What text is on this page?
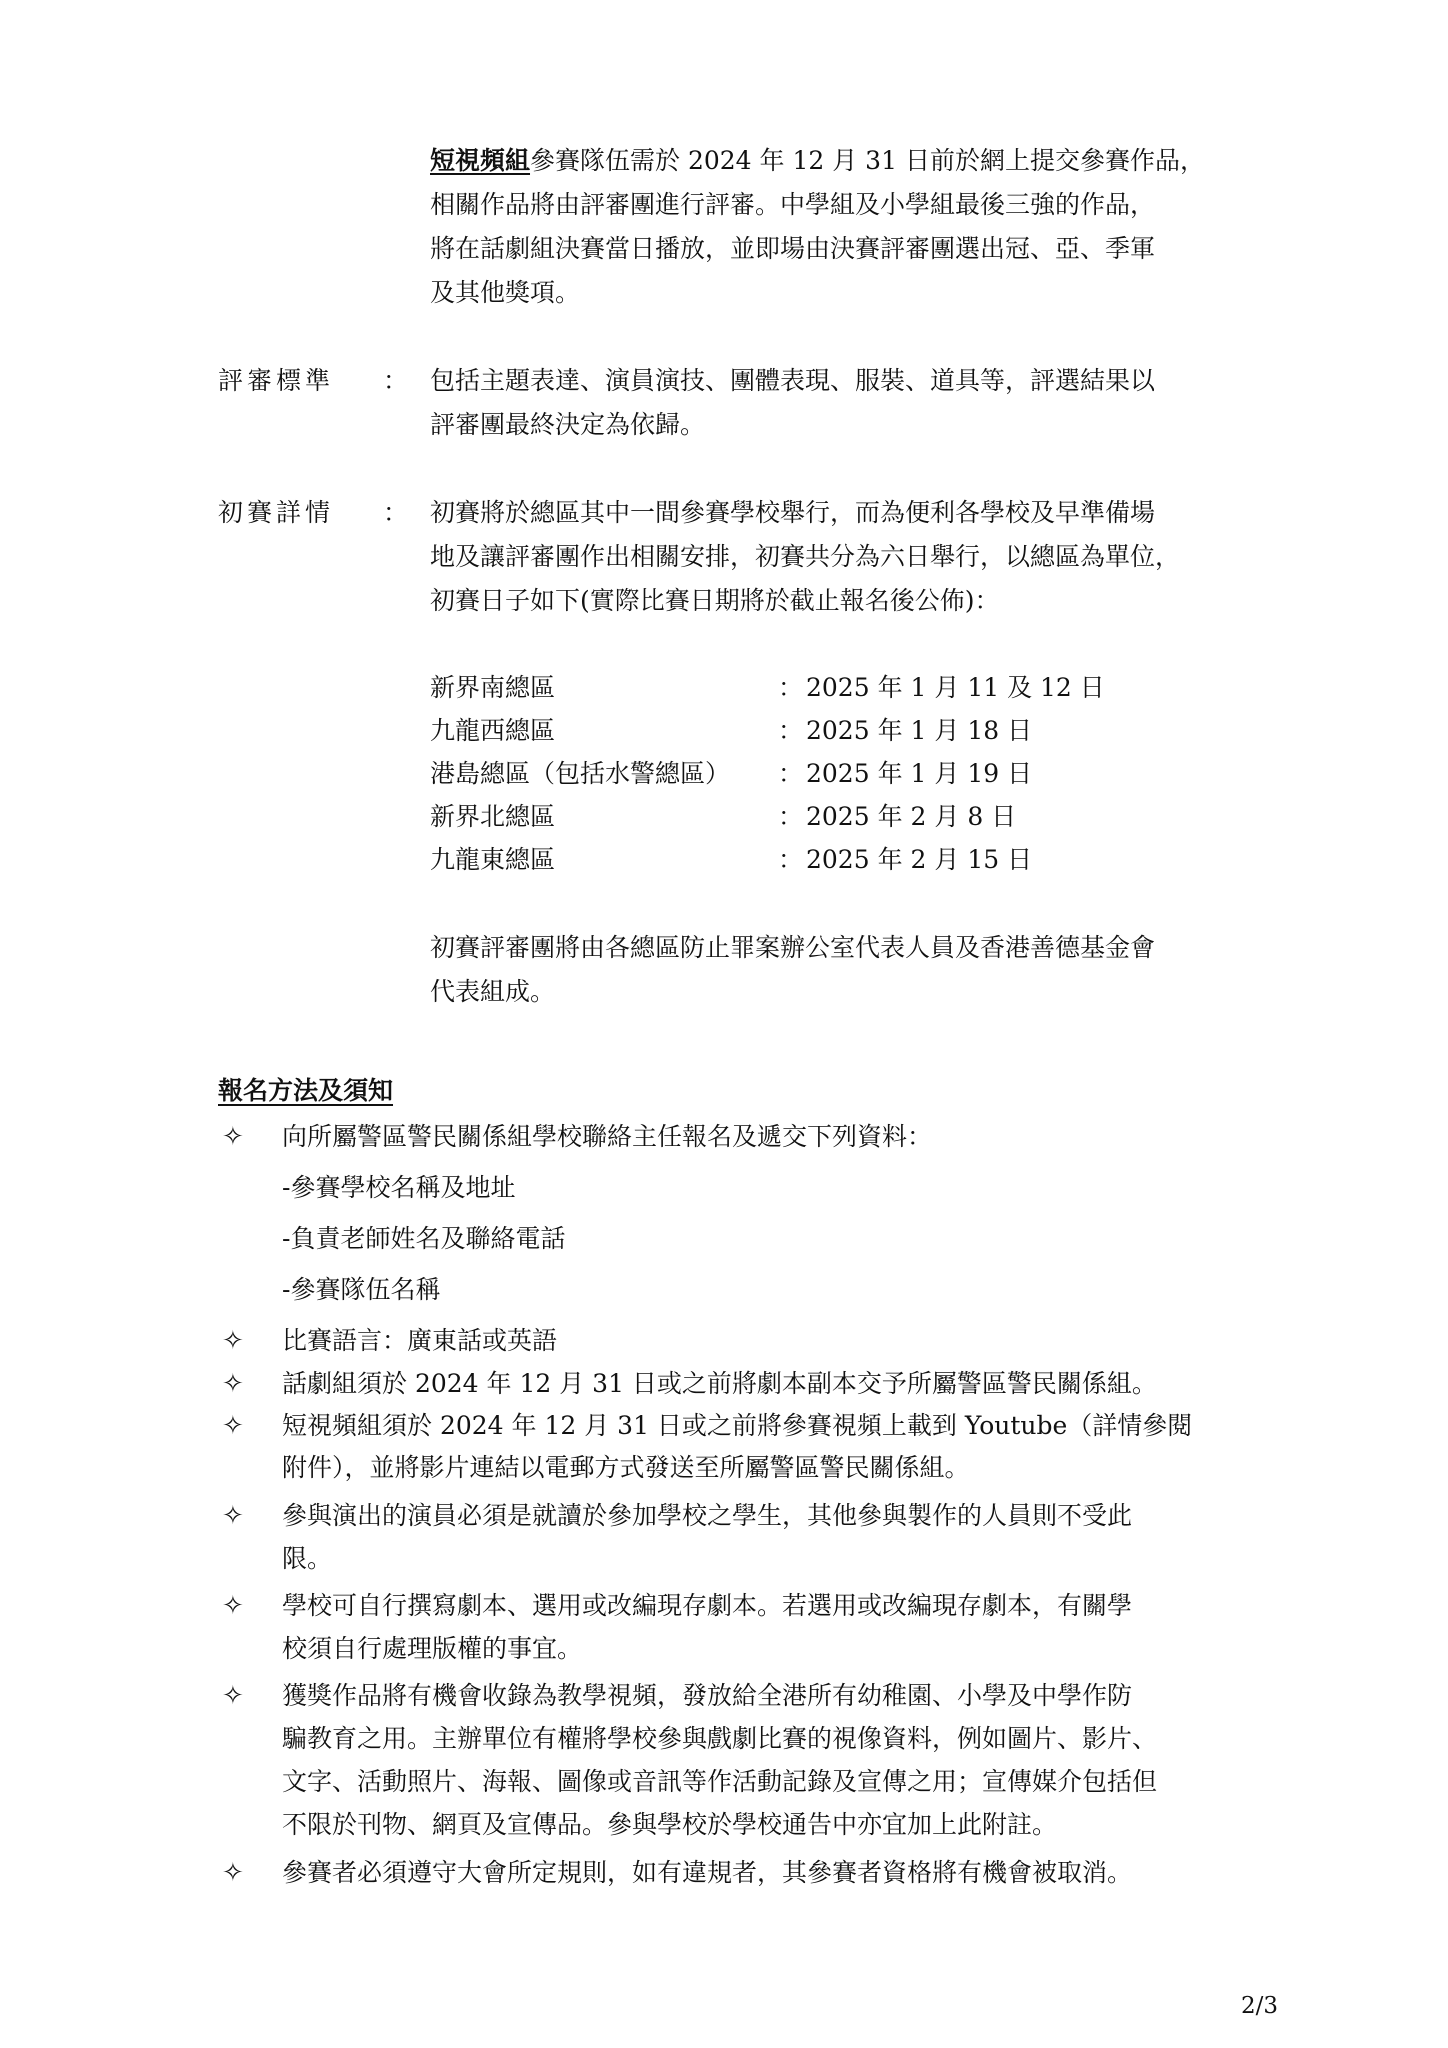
短視頻組參賽隊伍需於 2024 年 12 月 31 日前於網上提交參賽作品，
相關作品將由評審團進行評審。中學組及小學組最後三強的作品，
將在話劇組決賽當日播放，並即場由決賽評審團選出冠、亞、季軍
及其他獎項。
評審標準 ： 包括主題表達、演員演技、團體表現、服裝、道具等，評選結果以
評審團最終決定為依歸。
初賽詳情 ： 初賽將於總區其中一間參賽學校舉行，而為便利各學校及早準備場
地及讓評審團作出相關安排，初賽共分為六日舉行，以總區為單位，
初賽日子如下(實際比賽日期將於截止報名後公佈)：
新界南總區	： 2025 年 1 月 11 及 12 日
九龍西總區	： 2025 年 1 月 18 日
港島總區（包括水警總區） ： 2025 年 1 月 19 日
新界北總區	： 2025 年 2 月 8 日
九龍東總區	： 2025 年 2 月 15 日
初賽評審團將由各總區防止罪案辦公室代表人員及香港善德基金會
代表組成。
報名方法及須知
✧ 向所屬警區警民關係組學校聯絡主任報名及遞交下列資料：
-參賽學校名稱及地址
-負責老師姓名及聯絡電話
-參賽隊伍名稱
✧ 比賽語言：廣東話或英語
✧ 話劇組須於 2024 年 12 月 31 日或之前將劇本副本交予所屬警區警民關係組。
✧ 短視頻組須於 2024 年 12 月 31 日或之前將參賽視頻上載到 Youtube（詳情參閱
附件），並將影片連結以電郵方式發送至所屬警區警民關係組。
✧ 參與演出的演員必須是就讀於參加學校之學生，其他參與製作的人員則不受此
限。
✧ 學校可自行撰寫劇本、選用或改編現存劇本。若選用或改編現存劇本，有關學
校須自行處理版權的事宜。
✧ 獲獎作品將有機會收錄為教學視頻，發放給全港所有幼稚園、小學及中學作防
騙教育之用。主辦單位有權將學校參與戲劇比賽的視像資料，例如圖片、影片、
文字、活動照片、海報、圖像或音訊等作活動記錄及宣傳之用；宣傳媒介包括但
不限於刊物、網頁及宣傳品。參與學校於學校通告中亦宜加上此附註。
✧ 參賽者必須遵守大會所定規則，如有違規者，其參賽者資格將有機會被取消。
2/3
